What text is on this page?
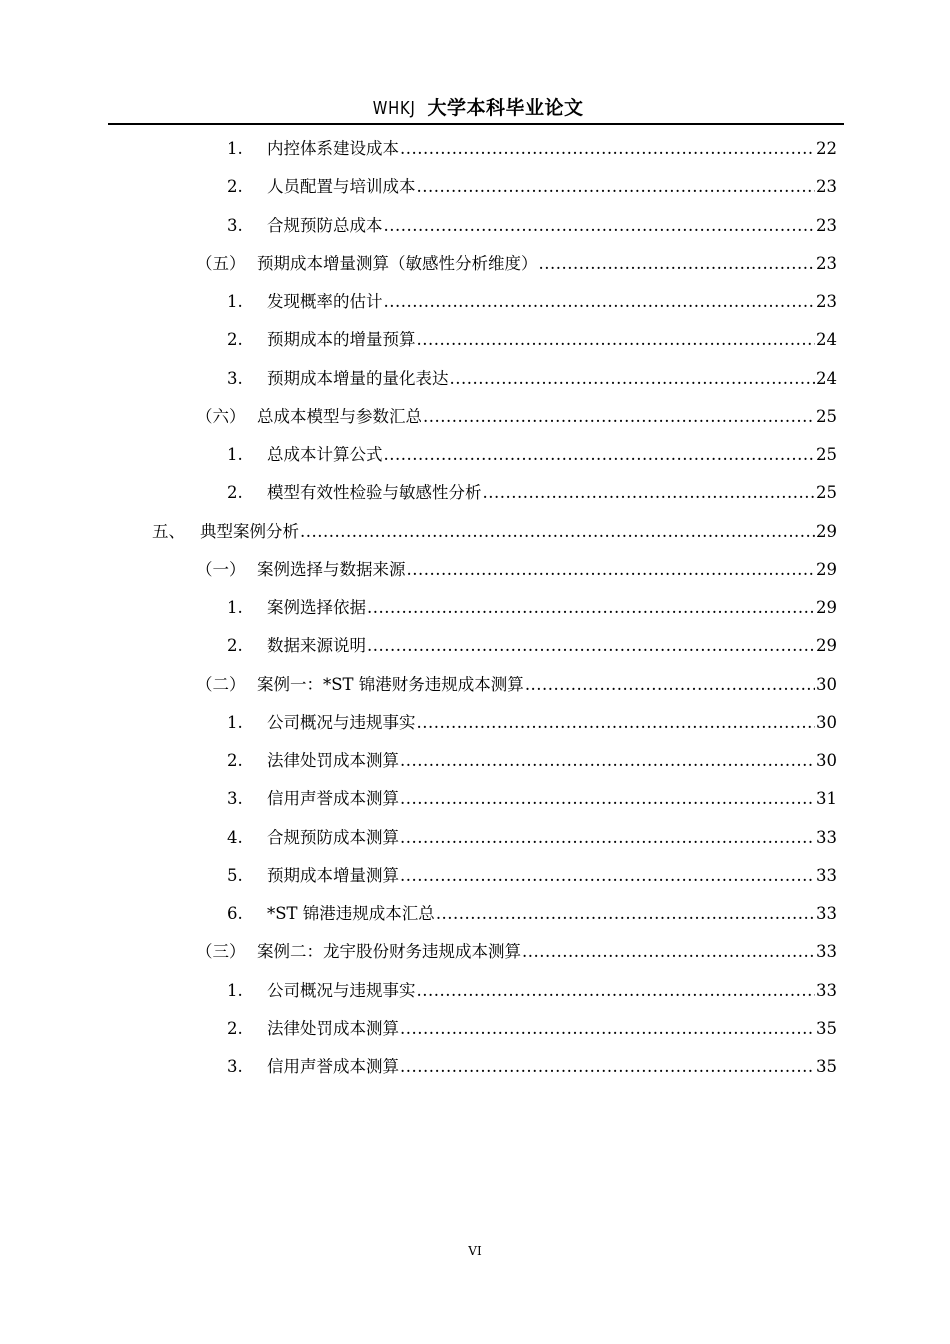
WHKJ 大学本科毕业论文
1.	内控体系建设成本 .....	22
2.	人员配置与培训成本 .....	23
3.	合规预防总成本 .....	23
（五） 预期成本增量测算（敏感性分析维度） .....	23
1.	发现概率的估计 .....	23
2.	预期成本的增量预算 .....	24
3.	预期成本增量的量化表达 .....	24
（六） 总成本模型与参数汇总 .....	25
1.	总成本计算公式 .....	25
2.	模型有效性检验与敏感性分析 .....	25
五、 典型案例分析 .....	29
（一） 案例选择与数据来源 .....	29
1.	案例选择依据 .....	29
2.	数据来源说明 .....	29
（二） 案例一：*ST 锦港财务违规成本测算 .....	30
1.	公司概况与违规事实 .....	30
2.	法律处罚成本测算 .....	30
3.	信用声誉成本测算 .....	31
4.	合规预防成本测算 .....	33
5.	预期成本增量测算 .....	33
6.	*ST 锦港违规成本汇总 .....	33
（三） 案例二：龙宇股份财务违规成本测算 .....	33
1.	公司概况与违规事实 .....	33
2.	法律处罚成本测算 .....	35
3.	信用声誉成本测算 .....	35
VI
